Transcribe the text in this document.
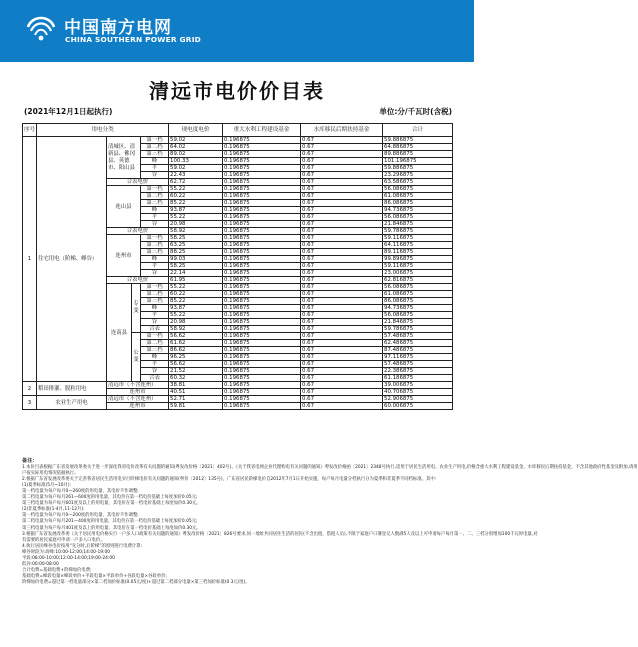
中国南方电网
CHINA SOUTHERN POWER GRID
清远市电价价目表
(2021年12月1日起执行)	单位:分/千瓦时(含税)
序号	用电分类				现电度电价	重大水利工程建设基金	水库移民后期扶持基金	合计
1	住宅用电（阶梯、峰谷）	清城区、清新县、佛冈县、英德市、阳山县		第一档	59.02	0.196875	0.67	59.886875
				第二档	64.02	0.196875	0.67	64.886875
				第三档	89.02	0.196875	0.67	89.886875
				峰	100.33	0.196875	0.67	101.196875
				平	59.02	0.196875	0.67	59.886875
				谷	22.43	0.196875	0.67	23.296875
		合表电价			62.72	0.196875	0.67	63.586875
		连山县		第一档	55.22	0.196875	0.67	56.086875
				第二档	60.22	0.196875	0.67	61.086875
				第三档	85.22	0.196875	0.67	86.086875
				峰	93.87	0.196875	0.67	94.736875
				平	55.22	0.196875	0.67	56.086875
				谷	20.98	0.196875	0.67	21.846875
		合表电价			58.92	0.196875	0.67	59.786875
		连州市		第一档	58.25	0.196875	0.67	59.116875
				第二档	63.25	0.196875	0.67	64.116875
				第三档	88.25	0.196875	0.67	89.116875
				峰	99.03	0.196875	0.67	99.896875
				平	58.25	0.196875	0.67	59.116875
				谷	22.14	0.196875	0.67	23.006875
		合表电价			61.95	0.196875	0.67	62.816875
		连南县	专变	第一档	55.22	0.196875	0.67	56.086875
				第二档	60.22	0.196875	0.67	61.086875
				第三档	85.22	0.196875	0.67	86.086875
				峰	93.87	0.196875	0.67	94.736875
				平	55.22	0.196875	0.67	56.086875
				谷	20.98	0.196875	0.67	21.846875
				合表	58.92	0.196875	0.67	59.786875
			公变	第一档	56.62	0.196875	0.67	57.486875
				第二档	61.62	0.196875	0.67	62.486875
				第三档	86.62	0.196875	0.67	87.486875
				峰	96.25	0.196875	0.67	97.116875
				平	56.62	0.196875	0.67	57.486875
				谷	21.52	0.196875	0.67	22.386875
				合表	60.32	0.196875	0.67	61.186875
2	稻田排灌、脱粒用电	清远市（不含连州）			38.81	0.196875	0.67	39.006875
		连州市			40.51	0.196875	0.67	40.706875
3	农业生产用电	清远市（不含连州）			52.71	0.196875	0.67	52.906875
		连州市			59.81	0.196875	0.67	60.006875
备注：
1.本价目表根据广东省发展改革委关于进一步深化我省电价改革有关问题的通知(粤发改价格〔2021〕402号)、《关于我省电网企业代理购电有关问题的通知》粤发改价格函〔2021〕2348号执行,适用于居民生活用电、农业生产用电,价格含重大水利工程建设基金、水库移民后期扶持基金，不含其他政府性基金及附加,请用
户按实际用电情况依据执行。
2.根据广东省发展改革委关于完善我省居民生活用电实行阶梯电价有关问题的通知(粤价〔2012〕135号)，广东省居民阶梯电价自2012年7月1日开始实施，每户每月电量分档执行分为夏季和非夏季不同档标准。其中:
(1)夏季标准(5月~10月):
第一档电量为每户每月0—260度的用电量，其电价不作调整;
第二档电量为每户每月261—600度的用电量，其电价在第一档电价基础上每度加价0.05元;
第三档电量为每户每月601度及以上的用电量，其电价在第一档电价基础上每度加价0.30元。
(2)非夏季标准(1-4月,11-12月):
第一档电量为每户每月0—200度的用电量，其电价不作调整;
第二档电量为每户每月201—400度的用电量，其电价在第一档电价基础上每度加价0.05元;
第三档电量为每户每月401度及以上的用电量，其电价在第一档电价基础上每度加价0.30元。
3.根据广东省发展改革委《关于居民用电价格实行一户多人口政策有关问题的通知》粤发改价格〔2021〕826号要求,同一地址共同居住生活的居民(不含出租、借租人员),不限于家庭户口簿登记人数满5人及以上可申请每户每月第一、二、三档分别增加100千瓦时电量,对
有需要的居民家庭可申请一户多人口电价。
4.执行居民峰谷电价按用“先分时,后阶梯”的原则进行电费计算:
峰谷时段为:高峰:10:00-12:00;14:00-19:00
平段:08:00-10:00;12:00-14:00;19:00-24:00
低谷:00:00-08:00
合计电费=基础电费+阶梯加价电费;
基础电费=峰段电量×峰段单价+平段电量×平段单价+谷段电量×谷段单价;
阶梯加价电费=超过第一档电量部分×第二档加价标准(0.05元/度)+超过第二档部分电量×第三档加价标准(0.3元/度)。
